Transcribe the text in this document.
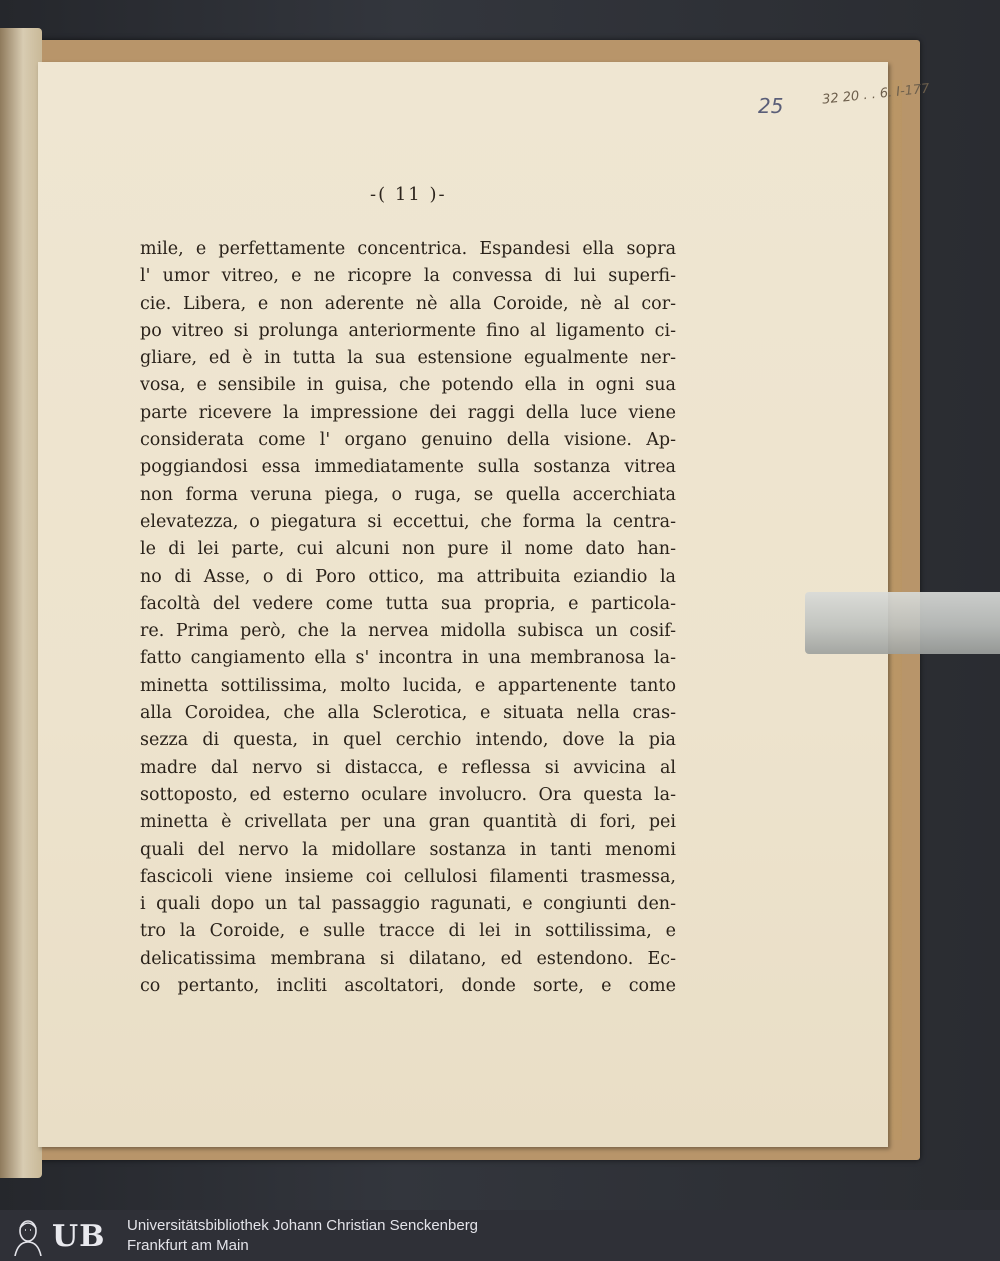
25	32 20 . . 6. I-177
-( 11 )-
mile, e perfettamente concentrica. Espandesi ella sopra
l' umor vitreo, e ne ricopre la convessa di lui superfi-
cie. Libera, e non aderente nè alla Coroide, nè al cor-
po vitreo si prolunga anteriormente fino al ligamento ci-
gliare, ed è in tutta la sua estensione egualmente ner-
vosa, e sensibile in guisa, che potendo ella in ogni sua
parte ricevere la impressione dei raggi della luce viene
considerata come l' organo genuino della visione. Ap-
poggiandosi essa immediatamente sulla sostanza vitrea
non forma veruna piega, o ruga, se quella accerchiata
elevatezza, o piegatura si eccettui, che forma la centra-
le di lei parte, cui alcuni non pure il nome dato han-
no di Asse, o di Poro ottico, ma attribuita eziandio la
facoltà del vedere come tutta sua propria, e particola-
re. Prima però, che la nervea midolla subisca un cosif-
fatto cangiamento ella s' incontra in una membranosa la-
minetta sottilissima, molto lucida, e appartenente tanto
alla Coroidea, che alla Sclerotica, e situata nella cras-
sezza di questa, in quel cerchio intendo, dove la pia
madre dal nervo si distacca, e reflessa si avvicina al
sottoposto, ed esterno oculare involucro. Ora questa la-
minetta è crivellata per una gran quantità di fori, pei
quali del nervo la midollare sostanza in tanti menomi
fascicoli viene insieme coi cellulosi filamenti trasmessa,
i quali dopo un tal passaggio ragunati, e congiunti den-
tro la Coroide, e sulle tracce di lei in sottilissima, e
delicatissima membrana si dilatano, ed estendono. Ec-
co pertanto, incliti ascoltatori, donde sorte, e come
UB Universitätsbibliothek Johann Christian Senckenberg
Frankfurt am Main
